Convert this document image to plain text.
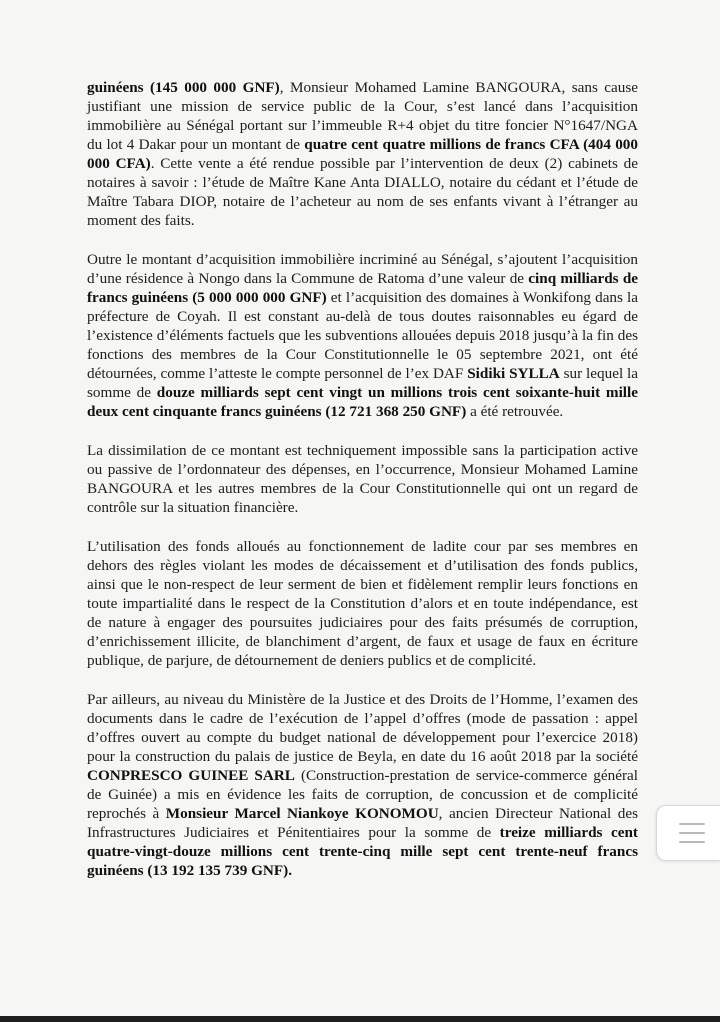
guinéens (145 000 000 GNF), Monsieur Mohamed Lamine BANGOURA, sans cause justifiant une mission de service public de la Cour, s’est lancé dans l’acquisition immobilière au Sénégal portant sur l’immeuble R+4 objet du titre foncier N°1647/NGA du lot 4 Dakar pour un montant de quatre cent quatre millions de francs CFA (404 000 000 CFA). Cette vente a été rendue possible par l’intervention de deux (2) cabinets de notaires à savoir : l’étude de Maître Kane Anta DIALLO, notaire du cédant et l’étude de Maître Tabara DIOP, notaire de l’acheteur au nom de ses enfants vivant à l’étranger au moment des faits.

Outre le montant d’acquisition immobilière incriminé au Sénégal, s’ajoutent l’acquisition d’une résidence à Nongo dans la Commune de Ratoma d’une valeur de cinq milliards de francs guinéens (5 000 000 000 GNF) et l’acquisition des domaines à Wonkifong dans la préfecture de Coyah. Il est constant au-delà de tous doutes raisonnables eu égard de l’existence d’éléments factuels que les subventions allouées depuis 2018 jusqu’à la fin des fonctions des membres de la Cour Constitutionnelle le 05 septembre 2021, ont été détournées, comme l’atteste le compte personnel de l’ex DAF Sidiki SYLLA sur lequel la somme de douze milliards sept cent vingt un millions trois cent soixante-huit mille deux cent cinquante francs guinéens (12 721 368 250 GNF) a été retrouvée.

La dissimilation de ce montant est techniquement impossible sans la participation active ou passive de l’ordonnateur des dépenses, en l’occurrence, Monsieur Mohamed Lamine BANGOURA et les autres membres de la Cour Constitutionnelle qui ont un regard de contrôle sur la situation financière.

L’utilisation des fonds alloués au fonctionnement de ladite cour par ses membres en dehors des règles violant les modes de décaissement et d’utilisation des fonds publics, ainsi que le non-respect de leur serment de bien et fidèlement remplir leurs fonctions en toute impartialité dans le respect de la Constitution d’alors et en toute indépendance, est de nature à engager des poursuites judiciaires pour des faits présumés de corruption, d’enrichissement illicite, de blanchiment d’argent, de faux et usage de faux en écriture publique, de parjure, de détournement de deniers publics et de complicité.

Par ailleurs, au niveau du Ministère de la Justice et des Droits de l’Homme, l’examen des documents dans le cadre de l’exécution de l’appel d’offres (mode de passation : appel d’offres ouvert au compte du budget national de développement pour l’exercice 2018) pour la construction du palais de justice de Beyla, en date du 16 août 2018 par la société CONPRESCO GUINEE SARL (Construction-prestation de service-commerce général de Guinée) a mis en évidence les faits de corruption, de concussion et de complicité reprochés à Monsieur Marcel Niankoye KONOMOU, ancien Directeur National des Infrastructures Judiciaires et Pénitentiaires pour la somme de treize milliards cent quatre-vingt-douze millions cent trente-cinq mille sept cent trente-neuf francs guinéens (13 192 135 739 GNF).
